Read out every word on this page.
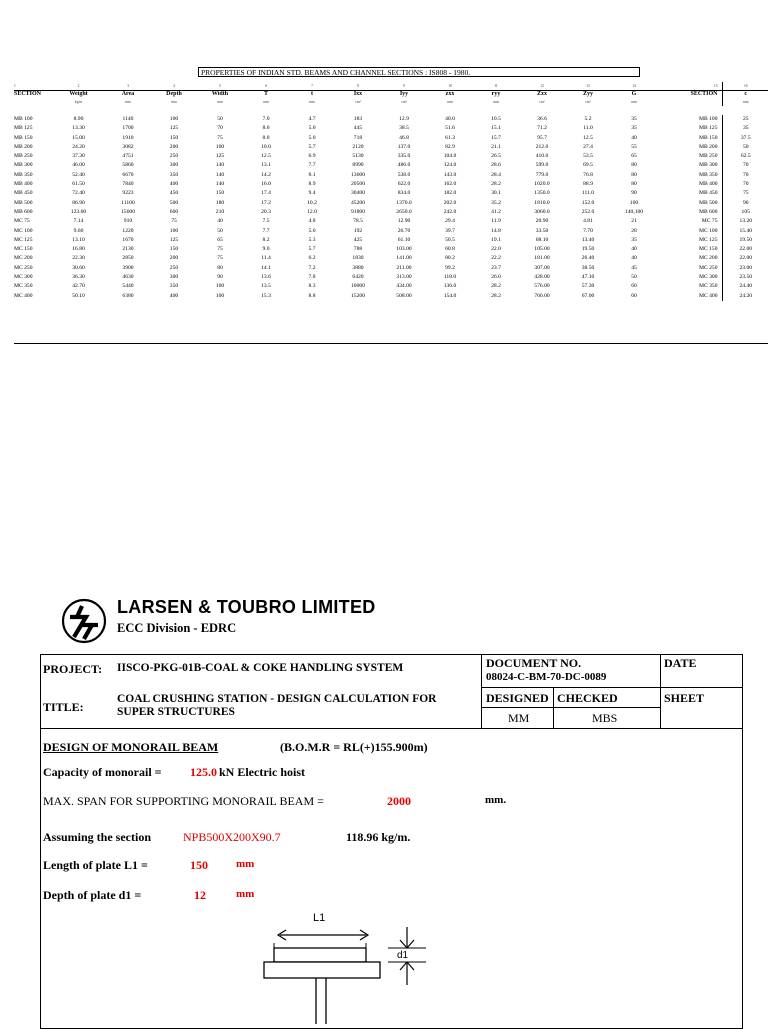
PROPERTIES OF INDIAN STD. BEAMS AND CHANNEL SECTIONS : IS808 - 1980.
1	2	3	4	5	6	7	8	9	10	11	12	13	14	15	16
SECTION	Weight	Area	Depth	Width	T	t	Ixx	Iyy	zxx	ryy	Zxx	Zyy	G	SECTION	c
	kg/m	mm	mm	mm	mm	mm	cm⁴	cm⁴	mm	mm	cm³	cm³	mm		mm

MB 100	8.90	1140	100	50	7.0	4.7	183	12.9	40.0	10.5	36.6	5.2	35	MB 100	25
MB 125	13.30	1700	125	70	8.0	5.0	445	38.5	51.6	15.1	71.2	11.0	35	MB 125	35
MB 150	15.00	1910	150	75	8.0	5.0	718	46.8	61.3	15.7	95.7	12.5	40	MB 150	37.5
MB 200	24.20	3082	200	100	10.0	5.7	2120	137.0	82.9	21.1	212.0	27.4	55	MB 200	50
MB 250	37.30	4751	250	125	12.5	6.9	5130	335.0	104.0	26.5	410.0	53.5	65	MB 250	62.5
MB 300	46.00	5860	300	140	13.1	7.7	8990	486.0	124.0	28.6	599.0	69.5	80	MB 300	70
MB 350	52.40	6670	350	140	14.2	8.1	13600	538.0	143.0	28.4	779.0	76.8	80	MB 350	70
MB 400	61.50	7840	400	140	16.0	8.9	20500	622.0	162.0	28.2	1020.0	88.9	80	MB 400	70
MB 450	72.40	9223	450	150	17.4	9.4	30400	834.0	182.0	30.1	1350.0	111.0	90	MB 450	75
MB 500	86.90	11100	500	180	17.2	10.2	45200	1370.0	202.0	35.2	1810.0	152.0	100	MB 500	90
MB 600	123.00	15600	600	210	20.3	12.0	91800	2650.0	242.0	41.2	3060.0	252.0	140,100	MB 600	105
MC 75	7.14	910	75	40	7.5	4.8	78.5	12.90	29.4	11.9	20.90	4.81	21	MC 75	13.20
MC 100	9.60	1220	100	50	7.7	5.0	192	26.70	39.7	14.8	33.50	7.70	28	MC 100	15.40
MC 125	13.10	1670	125	65	8.2	5.3	425	61.10	50.5	19.1	68.10	13.40	35	MC 125	19.50
MC 150	16.80	2130	150	75	9.0	5.7	788	103.00	60.8	22.0	105.00	19.50	40	MC 150	22.00
MC 200	22.30	2850	200	75	11.4	6.2	1830	141.00	80.2	22.2	181.00	26.40	40	MC 200	22.00
MC 250	30.60	3900	250	80	14.1	7.2	3880	211.00	99.2	23.7	307.00	38.50	45	MC 250	23.00
MC 300	36.30	4630	300	90	13.6	7.8	6420	313.00	118.0	26.0	428.00	47.10	50	MC 300	23.50
MC 350	42.70	5440	350	100	13.5	8.3	10000	434.00	136.0	28.2	576.00	57.30	60	MC 350	24.40
MC 400	50.10	6380	400	100	15.3	8.8	15200	508.00	154.0	28.2	760.00	67.00	60	MC 400	24.20
LARSEN & TOUBRO LIMITED
ECC Division - EDRC
PROJECT: IISCO-PKG-01B-COAL & COKE HANDLING SYSTEM
TITLE:
COAL CRUSHING STATION - DESIGN CALCULATION FOR
SUPER STRUCTURES
DOCUMENT NO.
08024-C-BM-70-DC-0089
DATE
DESIGNED CHECKED	SHEET
MM	MBS
DESIGN OF MONORAIL BEAM	(B.O.M.R = RL(+)155.900m)
Capacity of monorail = 125.0 kN Electric hoist
MAX. SPAN FOR SUPPORTING MONORAIL BEAM =	2000	mm.
Assuming the section	NPB500X200X90.7	118.96 kg/m.
Length of plate L1 =	150	mm
Depth of plate d1 =	12	mm
L1
d1
